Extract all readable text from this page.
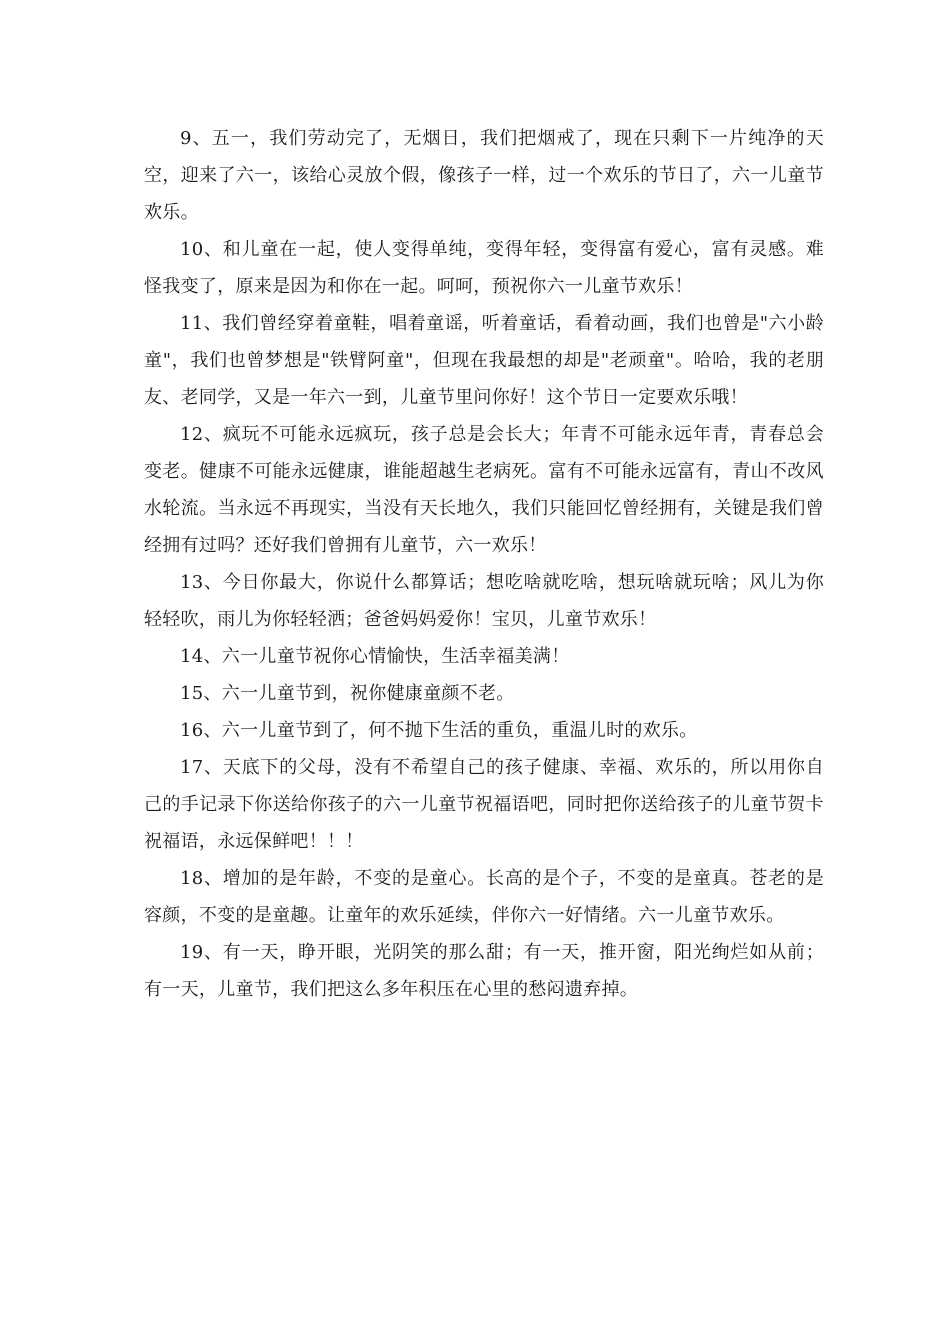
9、五一，我们劳动完了，无烟日，我们把烟戒了，现在只剩下一片纯净的天空，迎来了六一，该给心灵放个假，像孩子一样，过一个欢乐的节日了，六一儿童节欢乐。

10、和儿童在一起，使人变得单纯，变得年轻，变得富有爱心，富有灵感。难怪我变了，原来是因为和你在一起。呵呵，预祝你六一儿童节欢乐！

11、我们曾经穿着童鞋，唱着童谣，听着童话，看着动画，我们也曾是"六小龄童"，我们也曾梦想是"铁臂阿童"，但现在我最想的却是"老顽童"。哈哈，我的老朋友、老同学，又是一年六一到，儿童节里问你好！这个节日一定要欢乐哦！

12、疯玩不可能永远疯玩，孩子总是会长大；年青不可能永远年青，青春总会变老。健康不可能永远健康，谁能超越生老病死。富有不可能永远富有，青山不改风水轮流。当永远不再现实，当没有天长地久，我们只能回忆曾经拥有，关键是我们曾经拥有过吗？还好我们曾拥有儿童节，六一欢乐！

13、今日你最大，你说什么都算话；想吃啥就吃啥，想玩啥就玩啥；风儿为你轻轻吹，雨儿为你轻轻洒；爸爸妈妈爱你！宝贝，儿童节欢乐！

14、六一儿童节祝你心情愉快，生活幸福美满！

15、六一儿童节到，祝你健康童颜不老。

16、六一儿童节到了，何不抛下生活的重负，重温儿时的欢乐。

17、天底下的父母，没有不希望自己的孩子健康、幸福、欢乐的，所以用你自己的手记录下你送给你孩子的六一儿童节祝福语吧，同时把你送给孩子的儿童节贺卡祝福语，永远保鲜吧！！！

18、增加的是年龄，不变的是童心。长高的是个子，不变的是童真。苍老的是容颜，不变的是童趣。让童年的欢乐延续，伴你六一好情绪。六一儿童节欢乐。

19、有一天，睁开眼，光阴笑的那么甜；有一天，推开窗，阳光绚烂如从前；有一天，儿童节，我们把这么多年积压在心里的愁闷遗弃掉。
